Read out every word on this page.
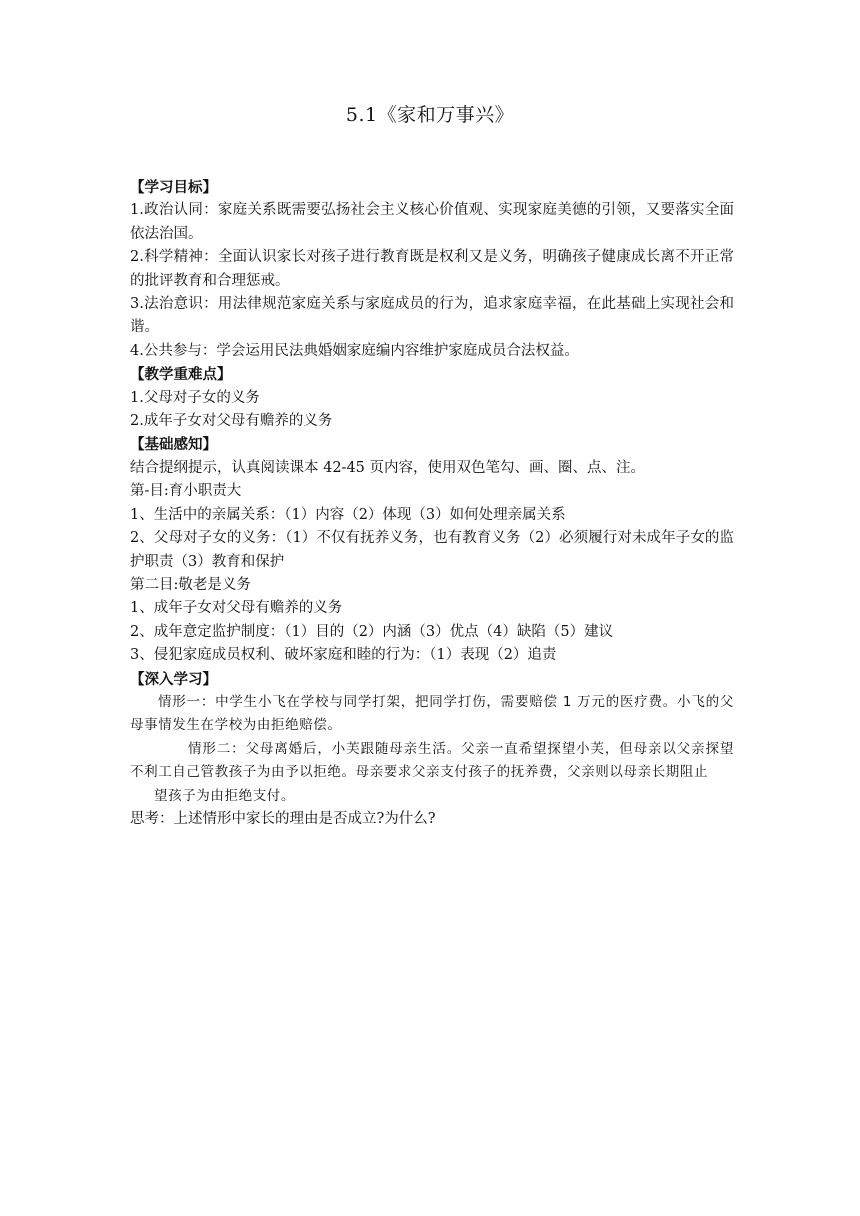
5.1《家和万事兴》

【学习目标】

1.政治认同：家庭关系既需要弘扬社会主义核心价值观、实现家庭美德的引领，又要落实全面依法治国。

2.科学精神：全面认识家长对孩子进行教育既是权利又是义务，明确孩子健康成长离不开正常的批评教育和合理惩戒。

3.法治意识：用法律规范家庭关系与家庭成员的行为，追求家庭幸福，在此基础上实现社会和谐。

4.公共参与：学会运用民法典婚姻家庭编内容维护家庭成员合法权益。

【教学重难点】

1.父母对子女的义务

2.成年子女对父母有赡养的义务

【基础感知】

结合提纲提示，认真阅读课本 42-45 页内容，使用双色笔勾、画、圈、点、注。

第-目:育小职责大

1、生活中的亲属关系：（1）内容（2）体现（3）如何处理亲属关系

2、父母对子女的义务：（1）不仅有抚养义务，也有教育义务（2）必须履行对未成年子女的监护职责（3）教育和保护

第二目:敬老是义务

1、成年子女对父母有赡养的义务

2、成年意定监护制度：（1）目的（2）内涵（3）优点（4）缺陷（5）建议

3、侵犯家庭成员权利、破坏家庭和睦的行为：（1）表现（2）追责

【深入学习】

情形一：中学生小飞在学校与同学打架，把同学打伤，需要赔偿 1 万元的医疗费。小飞的父母事情发生在学校为由拒绝赔偿。

情形二：父母离婚后，小芙跟随母亲生活。父亲一直希望探望小芙，但母亲以父亲探望不利工自己管教孩子为由予以拒绝。母亲要求父亲支付孩子的抚养费，父亲则以母亲长期阻止

望孩子为由拒绝支付。

思考：上述情形中家长的理由是否成立?为什么?
